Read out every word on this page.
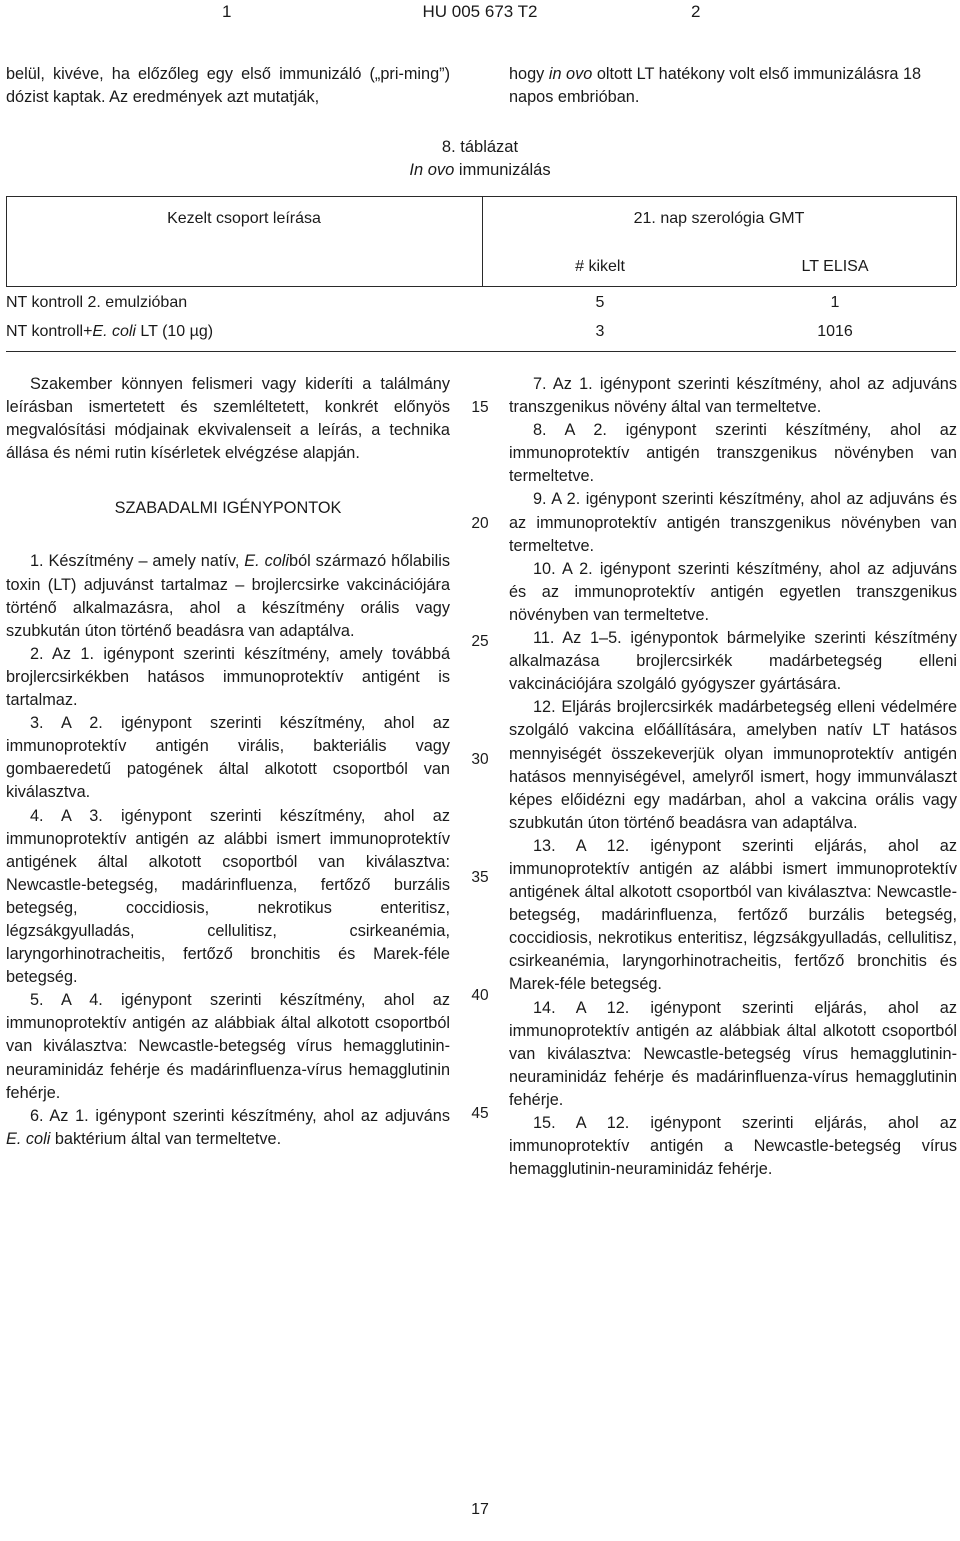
1	HU 005 673 T2	2
belül, kivéve, ha előzőleg egy első immunizáló („pri-ming”) dózist kaptak. Az eredmények azt mutatják,
hogy in ovo oltott LT hatékony volt első immunizálásra 18 napos embrióban.
8. táblázat
In ovo immunizálás
Kezelt csoport leírása	21. nap szerológia GMT
# kikelt	LT ELISA
NT kontroll 2. emulzióban	5	1
NT kontroll+E. coli LT (10 µg)	3	1016

Szakember könnyen felismeri vagy kideríti a találmány leírásban ismertetett és szemléltetett, konkrét előnyös megvalósítási módjainak ekvivalenseit a leírás, a technika állása és némi rutin kísérletek elvégzése alapján.

SZABADALMI IGÉNYPONTOK

1. Készítmény – amely natív, E. coliból származó hőlabilis toxin (LT) adjuvánst tartalmaz – brojlercsirke vakcinációjára történő alkalmazásra, ahol a készítmény orális vagy szubkután úton történő beadásra van adaptálva.

2. Az 1. igénypont szerinti készítmény, amely továbbá brojlercsirkékben hatásos immunoprotektív antigént is tartalmaz.

3. A 2. igénypont szerinti készítmény, ahol az immunoprotektív antigén virális, bakteriális vagy gombaeredetű patogének által alkotott csoportból van kiválasztva.

4. A 3. igénypont szerinti készítmény, ahol az immunoprotektív antigén az alábbi ismert immunoprotektív antigének által alkotott csoportból van kiválasztva: Newcastle-betegség, madárinfluenza, fertőző burzális betegség, coccidiosis, nekrotikus enteritisz, légzsákgyulladás, cellulitisz, csirkeanémia, laryngorhinotracheitis, fertőző bronchitis és Marek-féle betegség.

5. A 4. igénypont szerinti készítmény, ahol az immunoprotektív antigén az alábbiak által alkotott csoportból van kiválasztva: Newcastle-betegség vírus hemagglutinin-neuraminidáz fehérje és madárinfluenza-vírus hemagglutinin fehérje.

6. Az 1. igénypont szerinti készítmény, ahol az adjuváns E. coli baktérium által van termeltetve.

15
20
25
30
35
40
45

7. Az 1. igénypont szerinti készítmény, ahol az adjuváns transzgenikus növény által van termeltetve.

8. A 2. igénypont szerinti készítmény, ahol az immunoprotektív antigén transzgenikus növényben van termeltetve.

9. A 2. igénypont szerinti készítmény, ahol az adjuváns és az immunoprotektív antigén transzgenikus növényben van termeltetve.

10. A 2. igénypont szerinti készítmény, ahol az adjuváns és az immunoprotektív antigén egyetlen transzgenikus növényben van termeltetve.

11. Az 1–5. igénypontok bármelyike szerinti készítmény alkalmazása brojlercsirkék madárbetegség elleni vakcinációjára szolgáló gyógyszer gyártására.

12. Eljárás brojlercsirkék madárbetegség elleni védelmére szolgáló vakcina előállítására, amelyben natív LT hatásos mennyiségét összekeverjük olyan immunoprotektív antigén hatásos mennyiségével, amelyről ismert, hogy immunválaszt képes előidézni egy madárban, ahol a vakcina orális vagy szubkután úton történő beadásra van adaptálva.

13. A 12. igénypont szerinti eljárás, ahol az immunoprotektív antigén az alábbi ismert immunoprotektív antigének által alkotott csoportból van kiválasztva: Newcastle-betegség, madárinfluenza, fertőző burzális betegség, coccidiosis, nekrotikus enteritisz, légzsákgyulladás, cellulitisz, csirkeanémia, laryngorhinotracheitis, fertőző bronchitis és Marek-féle betegség.

14. A 12. igénypont szerinti eljárás, ahol az immunoprotektív antigén az alábbiak által alkotott csoportból van kiválasztva: Newcastle-betegség vírus hemagglutinin-neuraminidáz fehérje és madárinfluenza-vírus hemagglutinin fehérje.

15. A 12. igénypont szerinti eljárás, ahol az immunoprotektív antigén a Newcastle-betegség vírus hemagglutinin-neuraminidáz fehérje.

17
